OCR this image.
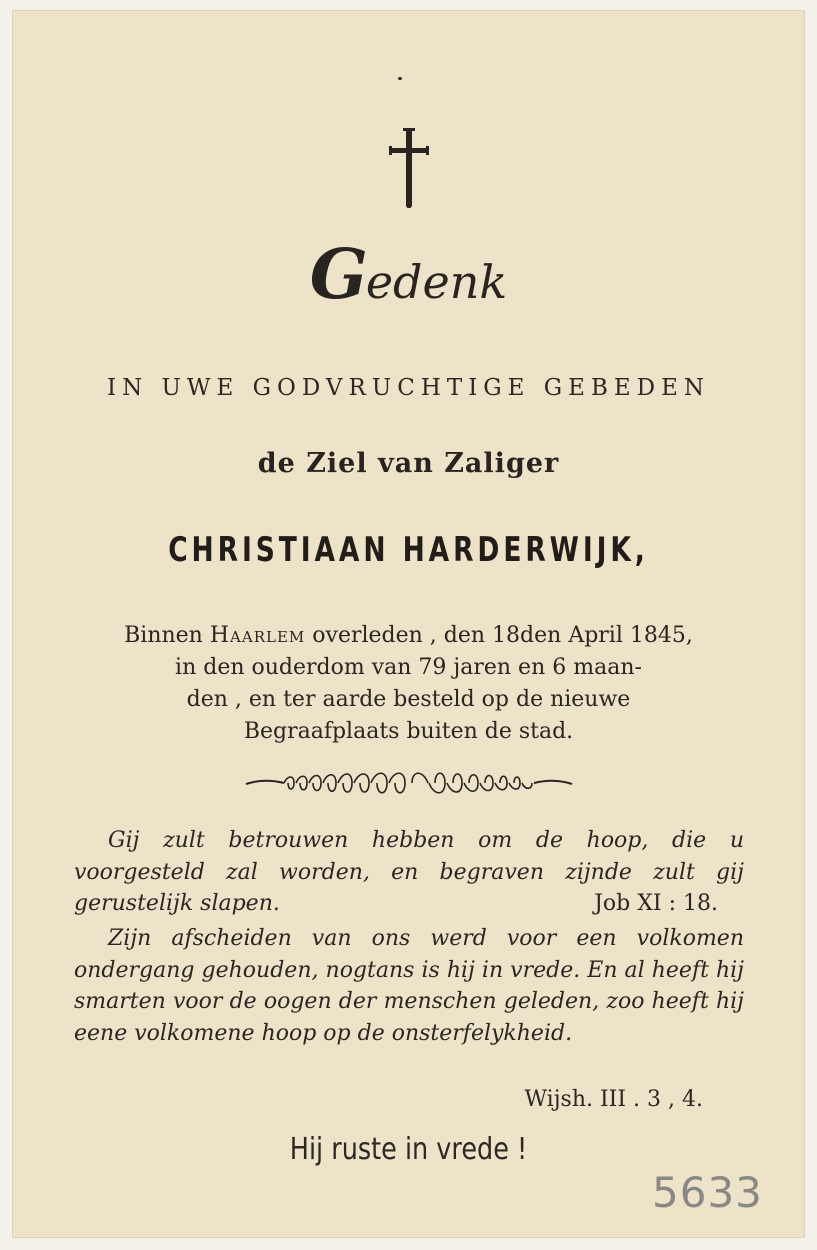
Gedenk
IN UWE GODVRUCHTIGE GEBEDEN
de Ziel van Zaliger
CHRISTIAAN HARDERWIJK,
Binnen Haarlem overleden , den 18den April 1845,
in den ouderdom van 79 jaren en 6 maan-
den , en ter aarde besteld op de nieuwe
Begraafplaats buiten de stad.
Gij zult betrouwen hebben om de hoop, die u voorgesteld zal worden, en begraven zijnde zult gij gerustelijk slapen.	Job XI : 18.
Zijn afscheiden van ons werd voor een volkomen ondergang gehouden, nogtans is hij in vrede. En al heeft hij smarten voor de oogen der menschen geleden, zoo heeft hij eene volkomene hoop op de onsterfelykheid.
Wijsh. III . 3 , 4.
Hij ruste in vrede !
5633
